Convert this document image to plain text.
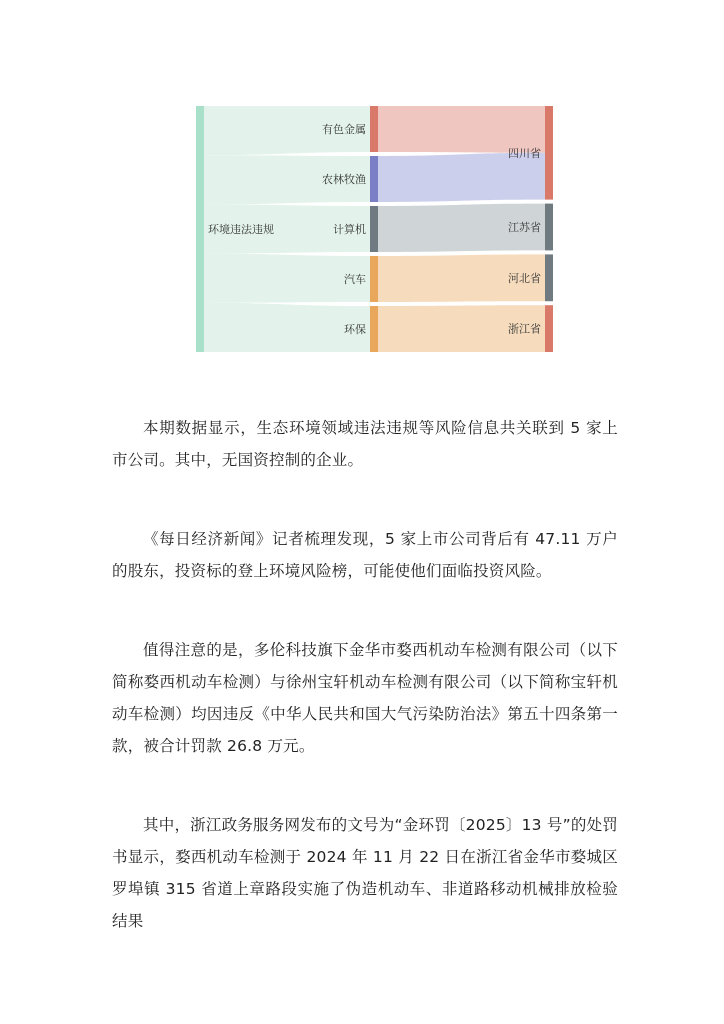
环境违法违规
有色金属
农林牧渔
计算机
汽车
环保
四川省
江苏省
河北省
浙江省

本期数据显示，生态环境领域违法违规等风险信息共关联到 5 家上市公司。其中，无国资控制的企业。

《每日经济新闻》记者梳理发现，5 家上市公司背后有 47.11 万户的股东，投资标的登上环境风险榜，可能使他们面临投资风险。

值得注意的是，多伦科技旗下金华市婺西机动车检测有限公司（以下简称婺西机动车检测）与徐州宝轩机动车检测有限公司（以下简称宝轩机动车检测）均因违反《中华人民共和国大气污染防治法》第五十四条第一款，被合计罚款 26.8 万元。

其中，浙江政务服务网发布的文号为“金环罚〔2025〕13 号”的处罚书显示，婺西机动车检测于 2024 年 11 月 22 日在浙江省金华市婺城区罗埠镇 315 省道上章路段实施了伪造机动车、非道路移动机械排放检验结果
